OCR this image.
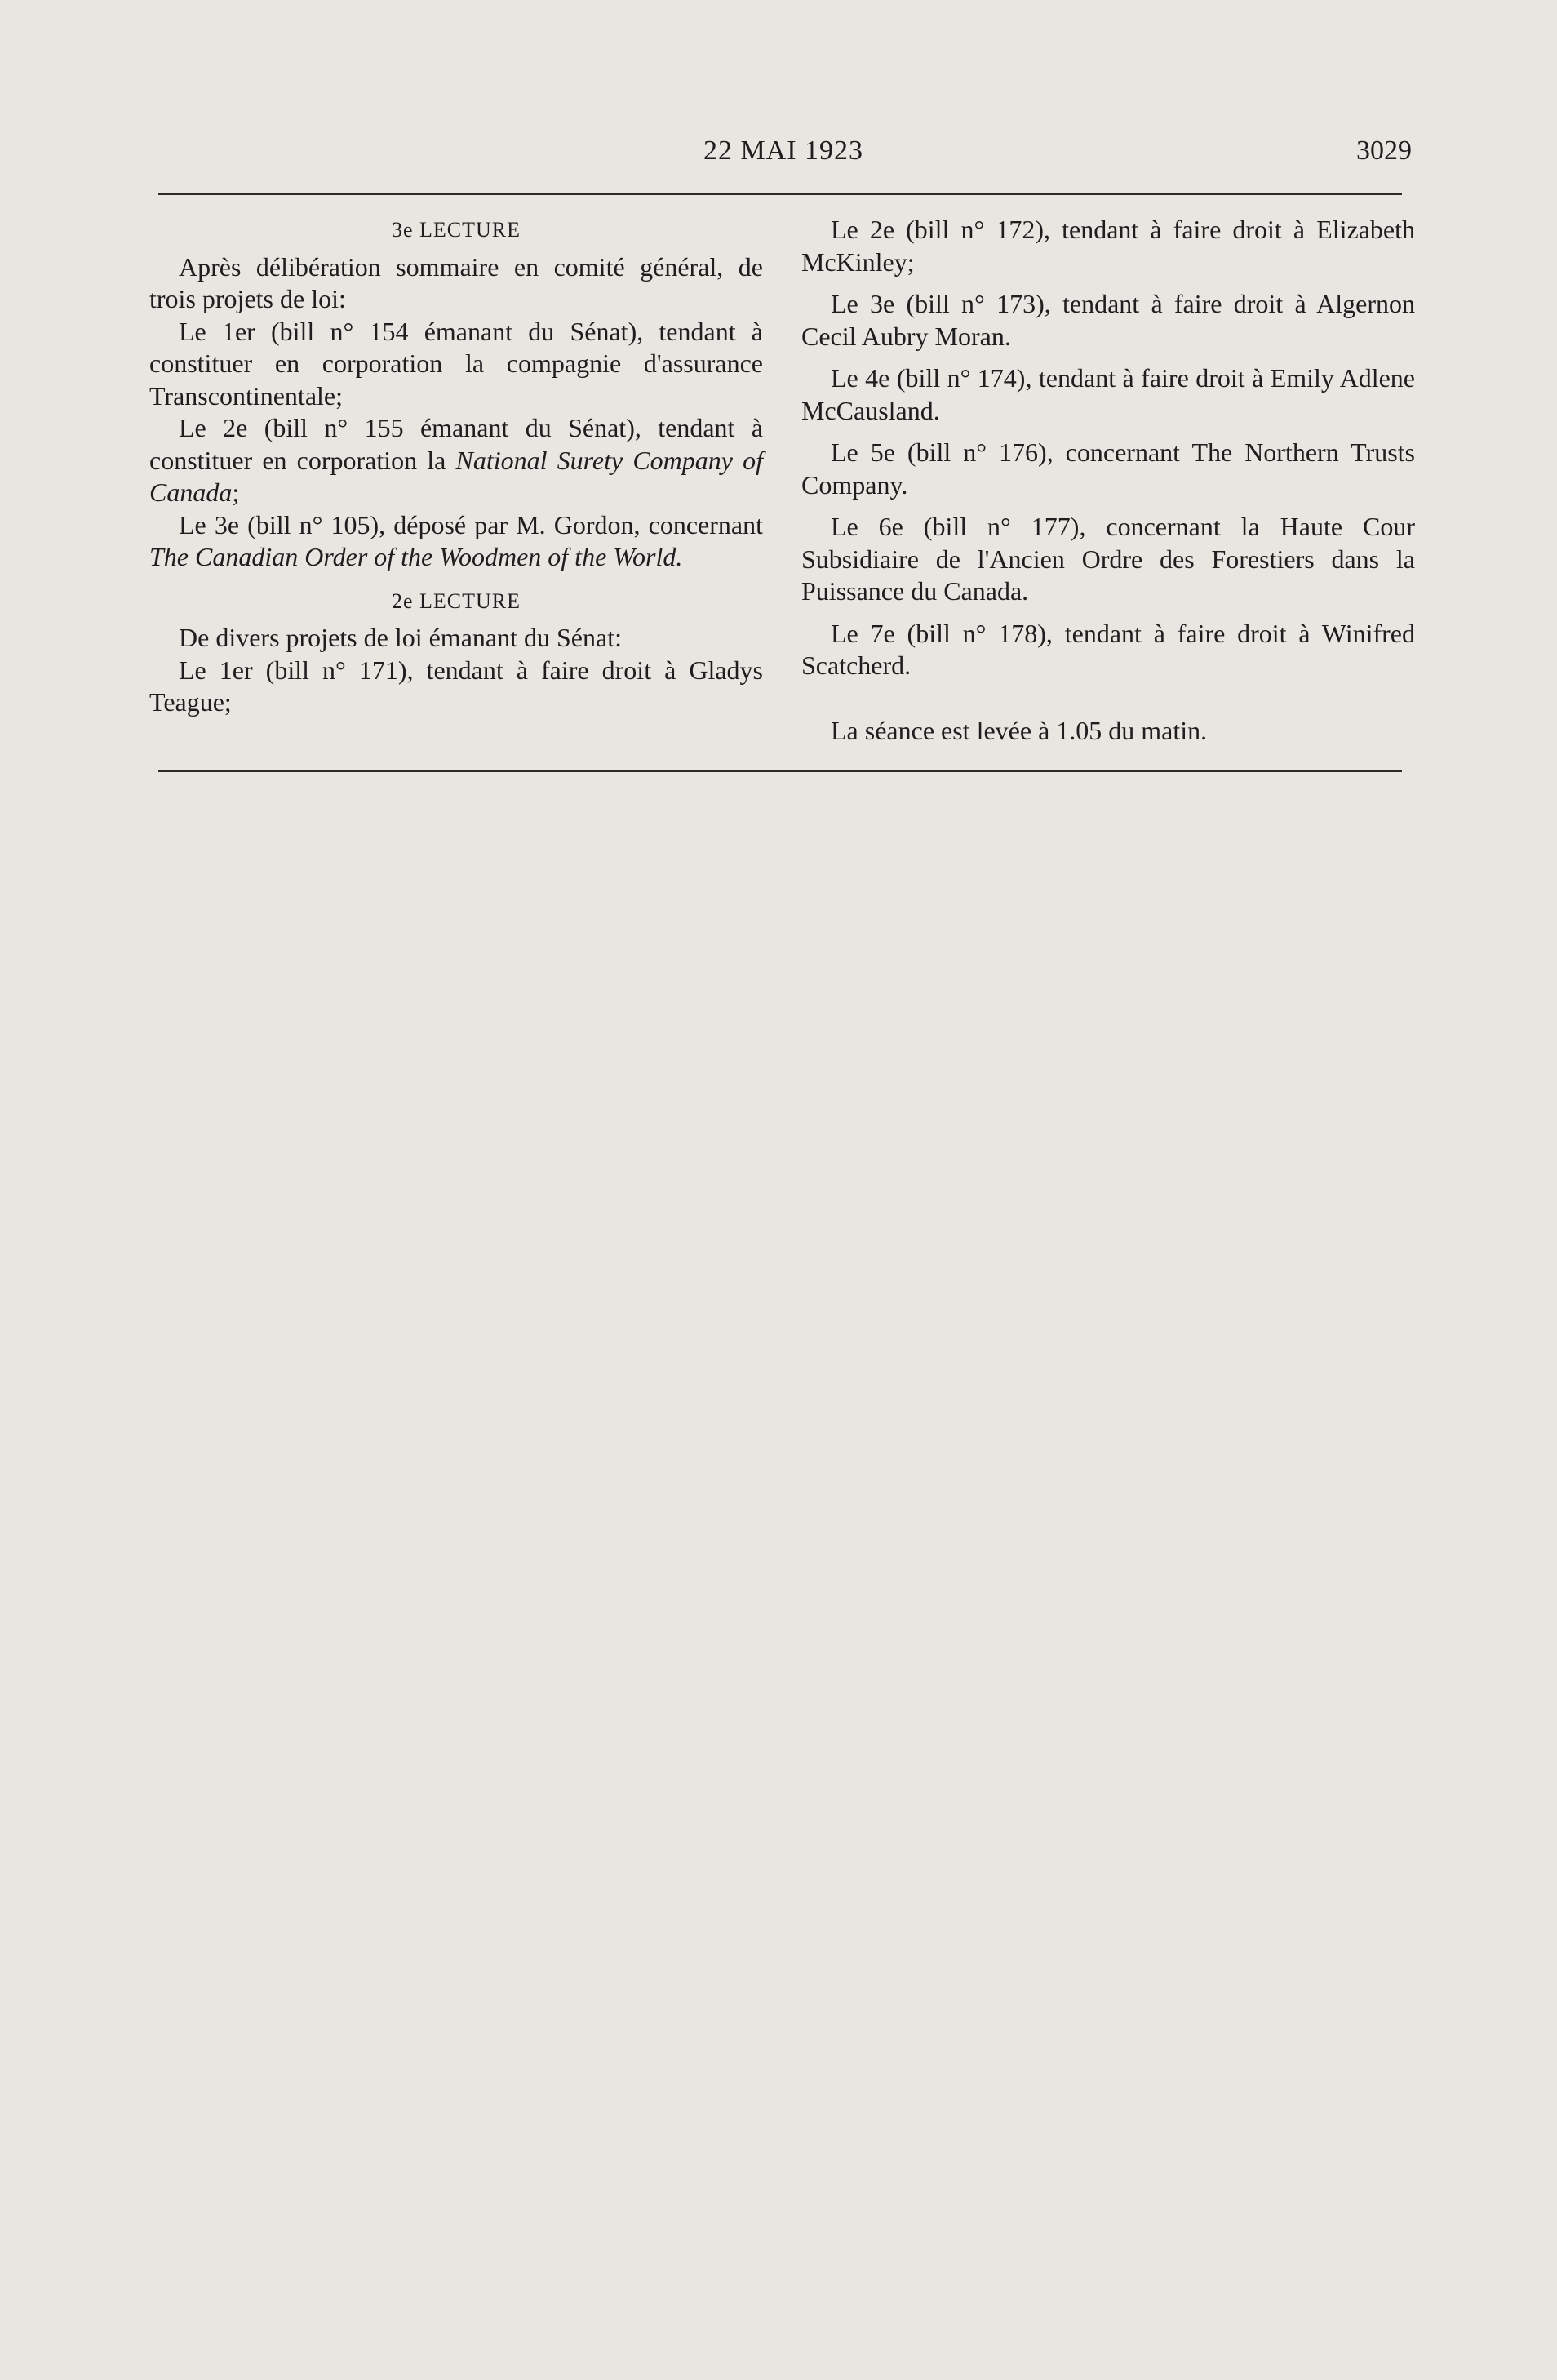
22 MAI 1923	3029

3e LECTURE

Après délibération sommaire en comité général, de trois projets de loi:

Le 1er (bill n° 154 émanant du Sénat), tendant à constituer en corporation la compagnie d'assurance Transcontinentale;

Le 2e (bill n° 155 émanant du Sénat), tendant à constituer en corporation la National Surety Company of Canada;

Le 3e (bill n° 105), déposé par M. Gordon, concernant The Canadian Order of the Woodmen of the World.

2e LECTURE

De divers projets de loi émanant du Sénat:

Le 1er (bill n° 171), tendant à faire droit à Gladys Teague;

Le 2e (bill n° 172), tendant à faire droit à Elizabeth McKinley;

Le 3e (bill n° 173), tendant à faire droit à Algernon Cecil Aubry Moran.

Le 4e (bill n° 174), tendant à faire droit à Emily Adlene McCausland.

Le 5e (bill n° 176), concernant The Northern Trusts Company.

Le 6e (bill n° 177), concernant la Haute Cour Subsidiaire de l'Ancien Ordre des Forestiers dans la Puissance du Canada.

Le 7e (bill n° 178), tendant à faire droit à Winifred Scatcherd.

La séance est levée à 1.05 du matin.
